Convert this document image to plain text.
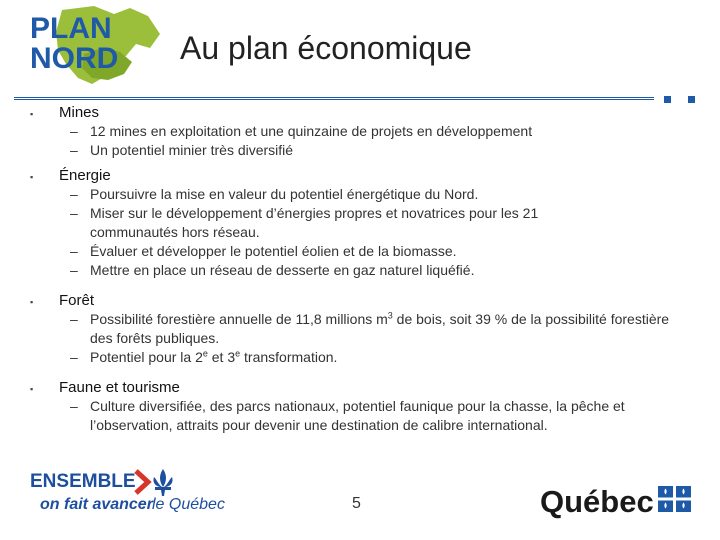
PLAN
NORD Au plan économique
▪	Mines
– 12 mines en exploitation et une quinzaine de projets en développement
– Un potentiel minier très diversifié
▪	Énergie
– Poursuivre la mise en valeur du potentiel énergétique du Nord.
– Miser sur le développement d’énergies propres et novatrices pour les 21 communautés hors réseau.
– Évaluer et développer le potentiel éolien et de la biomasse.
– Mettre en place un réseau de desserte en gaz naturel liquéfié.
▪	Forêt
– Possibilité forestière annuelle de 11,8 millions $m^3$ de bois, soit 39 % de la possibilité forestière des forêts publiques.
– Potentiel pour la 2e et 3e transformation.
▪	Faune et tourisme
– Culture diversifiée, des parcs nationaux, potentiel faunique pour la chasse, la pêche et l’observation, attraits pour devenir une destination de calibre international.
ENSEMBLE
on fait avancer le Québec	5	Québec
